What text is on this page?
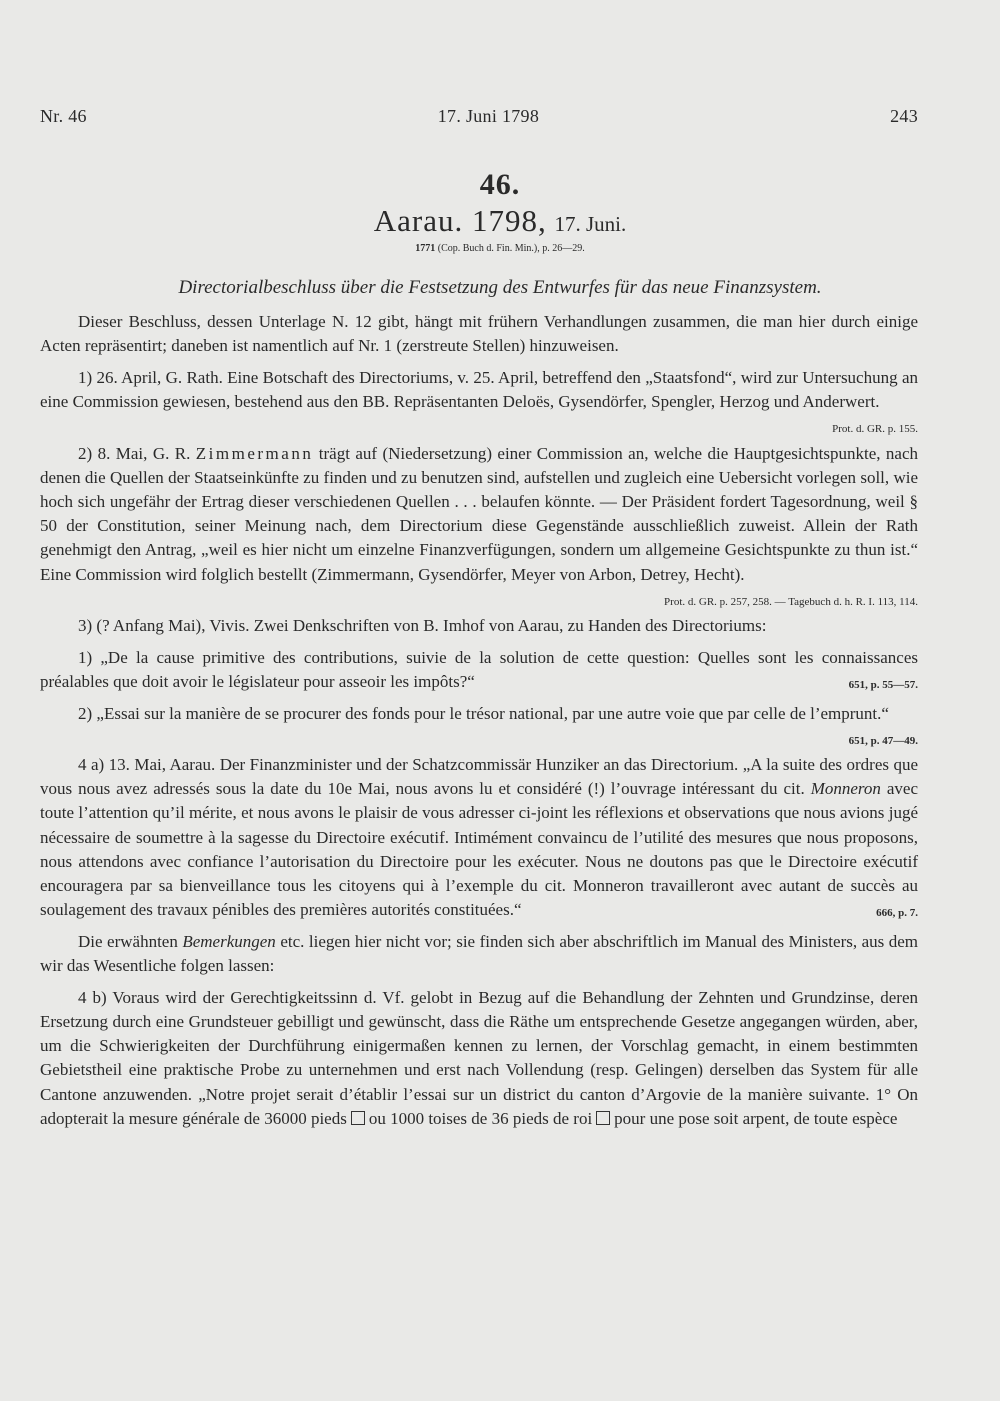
Nr. 46	17. Juni 1798	243
46.
Aarau. 1798, 17. Juni.
1771 (Cop. Buch d. Fin. Min.), p. 26—29.
Directorialbeschluss über die Festsetzung des Entwurfes für das neue Finanzsystem.

Dieser Beschluss, dessen Unterlage N. 12 gibt, hängt mit frühern Verhandlungen zusammen, die man hier durch einige Acten repräsentirt; daneben ist namentlich auf Nr. 1 (zerstreute Stellen) hinzuweisen.

1) 26. April, G. Rath. Eine Botschaft des Directoriums, v. 25. April, betreffend den „Staatsfond“, wird zur Untersuchung an eine Commission gewiesen, bestehend aus den BB. Repräsentanten Deloës, Gysendörfer, Spengler, Herzog und Anderwert.
Prot. d. GR. p. 155.

2) 8. Mai, G. R. Zimmermann trägt auf (Niedersetzung) einer Commission an, welche die Hauptgesichtspunkte, nach denen die Quellen der Staatseinkünfte zu finden und zu benutzen sind, aufstellen und zugleich eine Uebersicht vorlegen soll, wie hoch sich ungefähr der Ertrag dieser verschiedenen Quellen . . . belaufen könnte. — Der Präsident fordert Tagesordnung, weil § 50 der Constitution, seiner Meinung nach, dem Directorium diese Gegenstände ausschließlich zuweist. Allein der Rath genehmigt den Antrag, „weil es hier nicht um einzelne Finanzverfügungen, sondern um allgemeine Gesichtspunkte zu thun ist.“ Eine Commission wird folglich bestellt (Zimmermann, Gysendörfer, Meyer von Arbon, Detrey, Hecht).
Prot. d. GR. p. 257, 258. — Tagebuch d. h. R. I. 113, 114.

3) (? Anfang Mai), Vivis. Zwei Denkschriften von B. Imhof von Aarau, zu Handen des Directoriums:

1) „De la cause primitive des contributions, suivie de la solution de cette question: Quelles sont les connaissances préalables que doit avoir le législateur pour asseoir les impôts?“	651, p. 55—57.

2) „Essai sur la manière de se procurer des fonds pour le trésor national, par une autre voie que par celle de l’emprunt.“
651, p. 47—49.

4 a) 13. Mai, Aarau. Der Finanzminister und der Schatzcommissär Hunziker an das Directorium. „A la suite des ordres que vous nous avez adressés sous la date du 10e Mai, nous avons lu et considéré (!) l’ouvrage intéressant du cit. Monneron avec toute l’attention qu’il mérite, et nous avons le plaisir de vous adresser ci-joint les réflexions et observations que nous avions jugé nécessaire de soumettre à la sagesse du Directoire exécutif. Intimément convaincu de l’utilité des mesures que nous proposons, nous attendons avec confiance l’autorisation du Directoire pour les exécuter. Nous ne doutons pas que le Directoire exécutif encouragera par sa bienveillance tous les citoyens qui à l’exemple du cit. Monneron travailleront avec autant de succès au soulagement des travaux pénibles des premières autorités constituées.“	666, p. 7.

Die erwähnten Bemerkungen etc. liegen hier nicht vor; sie finden sich aber abschriftlich im Manual des Ministers, aus dem wir das Wesentliche folgen lassen:

4 b) Voraus wird der Gerechtigkeitssinn d. Vf. gelobt in Bezug auf die Behandlung der Zehnten und Grundzinse, deren Ersetzung durch eine Grundsteuer gebilligt und gewünscht, dass die Räthe um entsprechende Gesetze angegangen würden, aber, um die Schwierigkeiten der Durchführung einigermaßen kennen zu lernen, der Vorschlag gemacht, in einem bestimmten Gebietstheil eine praktische Probe zu unternehmen und erst nach Vollendung (resp. Gelingen) derselben das System für alle Cantone anzuwenden. „Notre projet serait d’établir l’essai sur un district du canton d’Argovie de la manière suivante. 1° On adopterait la mesure générale de 36000 pieds ou 1000 toises de 36 pieds de roi pour une pose soit arpent, de toute espèce
